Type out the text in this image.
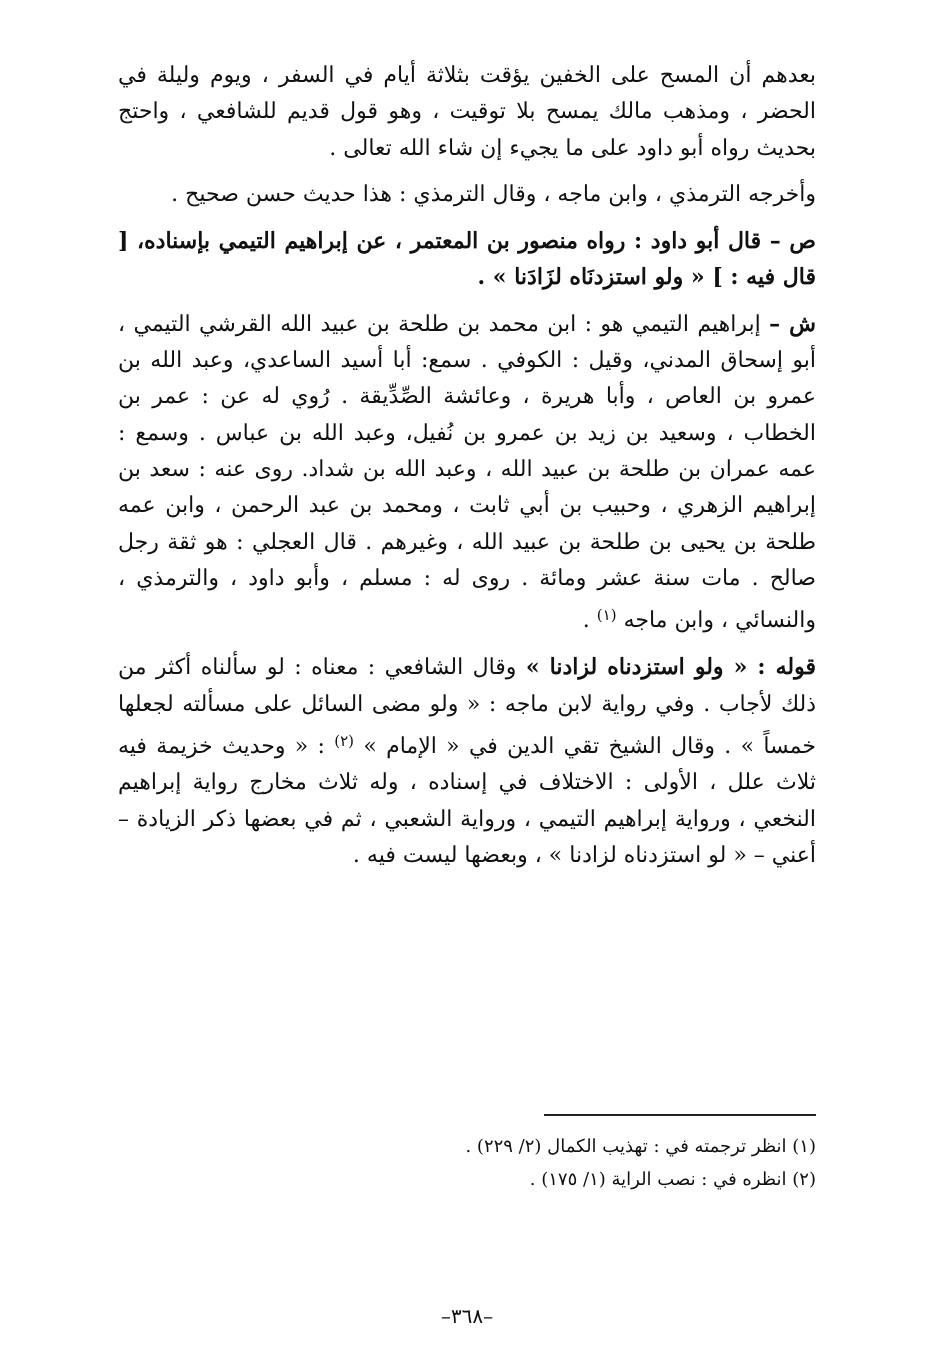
بعدهم أن المسح على الخفين يؤقت بثلاثة أيام في السفر ، ويوم وليلة في الحضر ، ومذهب مالك يمسح بلا توقيت ، وهو قول قديم للشافعي ، واحتج بحديث رواه أبو داود على ما يجيء إن شاء الله تعالى .

وأخرجه الترمذي ، وابن ماجه ، وقال الترمذي : هذا حديث حسن صحيح .

ص – قال أبو داود : رواه منصور بن المعتمر ، عن إبراهيم التيمي بإسناده، [ قال فيه : ] « ولو استزدنَاه لزَادَنا » .

ش – إبراهيم التيمي هو : ابن محمد بن طلحة بن عبيد الله القرشي التيمي ، أبو إسحاق المدني، وقيل : الكوفي . سمع: أبا أسيد الساعدي، وعبد الله بن عمرو بن العاص ، وأبا هريرة ، وعائشة الصِّدِّيقة . رُوي له عن : عمر بن الخطاب ، وسعيد بن زيد بن عمرو بن نُفيل، وعبد الله بن عباس . وسمع : عمه عمران بن طلحة بن عبيد الله ، وعبد الله بن شداد. روى عنه : سعد بن إبراهيم الزهري ، وحبيب بن أبي ثابت ، ومحمد بن عبد الرحمن ، وابن عمه طلحة بن يحيى بن طلحة بن عبيد الله ، وغيرهم . قال العجلي : هو ثقة رجل صالح . مات سنة عشر ومائة . روى له : مسلم ، وأبو داود ، والترمذي ، والنسائي ، وابن ماجه $^{(١)}$ .

قوله : « ولو استزدناه لزادنا » وقال الشافعي : معناه : لو سألناه أكثر من ذلك لأجاب . وفي رواية لابن ماجه : « ولو مضى السائل على مسألته لجعلها خمساً » . وقال الشيخ تقي الدين في « الإمام » $^{(٢)}$ : « وحديث خزيمة فيه ثلاث علل ، الأولى : الاختلاف في إسناده ، وله ثلاث مخارج رواية إبراهيم النخعي ، ورواية إبراهيم التيمي ، ورواية الشعبي ، ثم في بعضها ذكر الزيادة – أعني – « لو استزدناه لزادنا » ، وبعضها ليست فيه .

(١) انظر ترجمته في : تهذيب الكمال (٢/ ٢٢٩) .

(٢) انظره في : نصب الراية (١/ ١٧٥) .

–٣٦٨–
